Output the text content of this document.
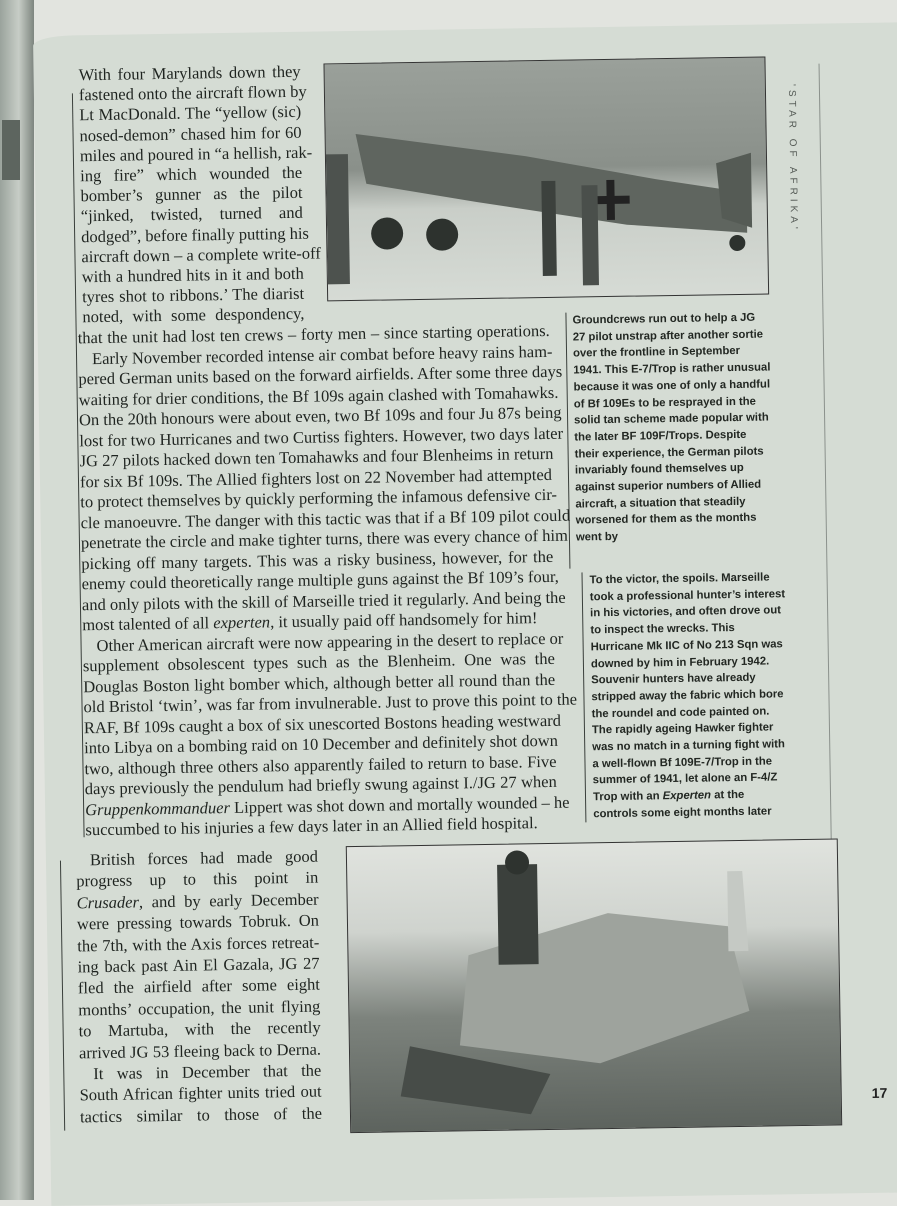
'STAR OF AFRIKA'
17
With four Marylands down they
fastened onto the aircraft flown by
Lt MacDonald. The “yellow (sic)
nosed-demon” chased him for 60
miles and poured in “a hellish, rak-
ing fire” which wounded the
bomber’s gunner as the pilot
“jinked, twisted, turned and
dodged”, before finally putting his
aircraft down – a complete write-off
with a hundred hits in it and both
tyres shot to ribbons.’ The diarist
noted, with some despondency,
that the unit had lost ten crews – forty men – since starting operations.
Early November recorded intense air combat before heavy rains ham-
pered German units based on the forward airfields. After some three days
waiting for drier conditions, the Bf 109s again clashed with Tomahawks.
On the 20th honours were about even, two Bf 109s and four Ju 87s being
lost for two Hurricanes and two Curtiss fighters. However, two days later
JG 27 pilots hacked down ten Tomahawks and four Blenheims in return
for six Bf 109s. The Allied fighters lost on 22 November had attempted
to protect themselves by quickly performing the infamous defensive cir-
cle manoeuvre. The danger with this tactic was that if a Bf 109 pilot could
penetrate the circle and make tighter turns, there was every chance of him
picking off many targets. This was a risky business, however, for the
enemy could theoretically range multiple guns against the Bf 109’s four,
and only pilots with the skill of Marseille tried it regularly. And being the
most talented of all experten, it usually paid off handsomely for him!
Other American aircraft were now appearing in the desert to replace or
supplement obsolescent types such as the Blenheim. One was the
Douglas Boston light bomber which, although better all round than the
old Bristol ‘twin’, was far from invulnerable. Just to prove this point to the
RAF, Bf 109s caught a box of six unescorted Bostons heading westward
into Libya on a bombing raid on 10 December and definitely shot down
two, although three others also apparently failed to return to base. Five
days previously the pendulum had briefly swung against I./JG 27 when
Gruppenkommanduer Lippert was shot down and mortally wounded – he
succumbed to his injuries a few days later in an Allied field hospital.
British forces had made good
progress up to this point in
Crusader, and by early December
were pressing towards Tobruk. On
the 7th, with the Axis forces retreat-
ing back past Ain El Gazala, JG 27
fled the airfield after some eight
months’ occupation, the unit flying
to Martuba, with the recently
arrived JG 53 fleeing back to Derna.
It was in December that the
South African fighter units tried out
tactics similar to those of the
Groundcrews run out to help a JG
27 pilot unstrap after another sortie
over the frontline in September
1941. This E-7/Trop is rather unusual
because it was one of only a handful
of Bf 109Es to be resprayed in the
solid tan scheme made popular with
the later BF 109F/Trops. Despite
their experience, the German pilots
invariably found themselves up
against superior numbers of Allied
aircraft, a situation that steadily
worsened for them as the months
went by
To the victor, the spoils. Marseille
took a professional hunter’s interest
in his victories, and often drove out
to inspect the wrecks. This
Hurricane Mk IIC of No 213 Sqn was
downed by him in February 1942.
Souvenir hunters have already
stripped away the fabric which bore
the roundel and code painted on.
The rapidly ageing Hawker fighter
was no match in a turning fight with
a well-flown Bf 109E-7/Trop in the
summer of 1941, let alone an F-4/Z
Trop with an Experten at the
controls some eight months later
